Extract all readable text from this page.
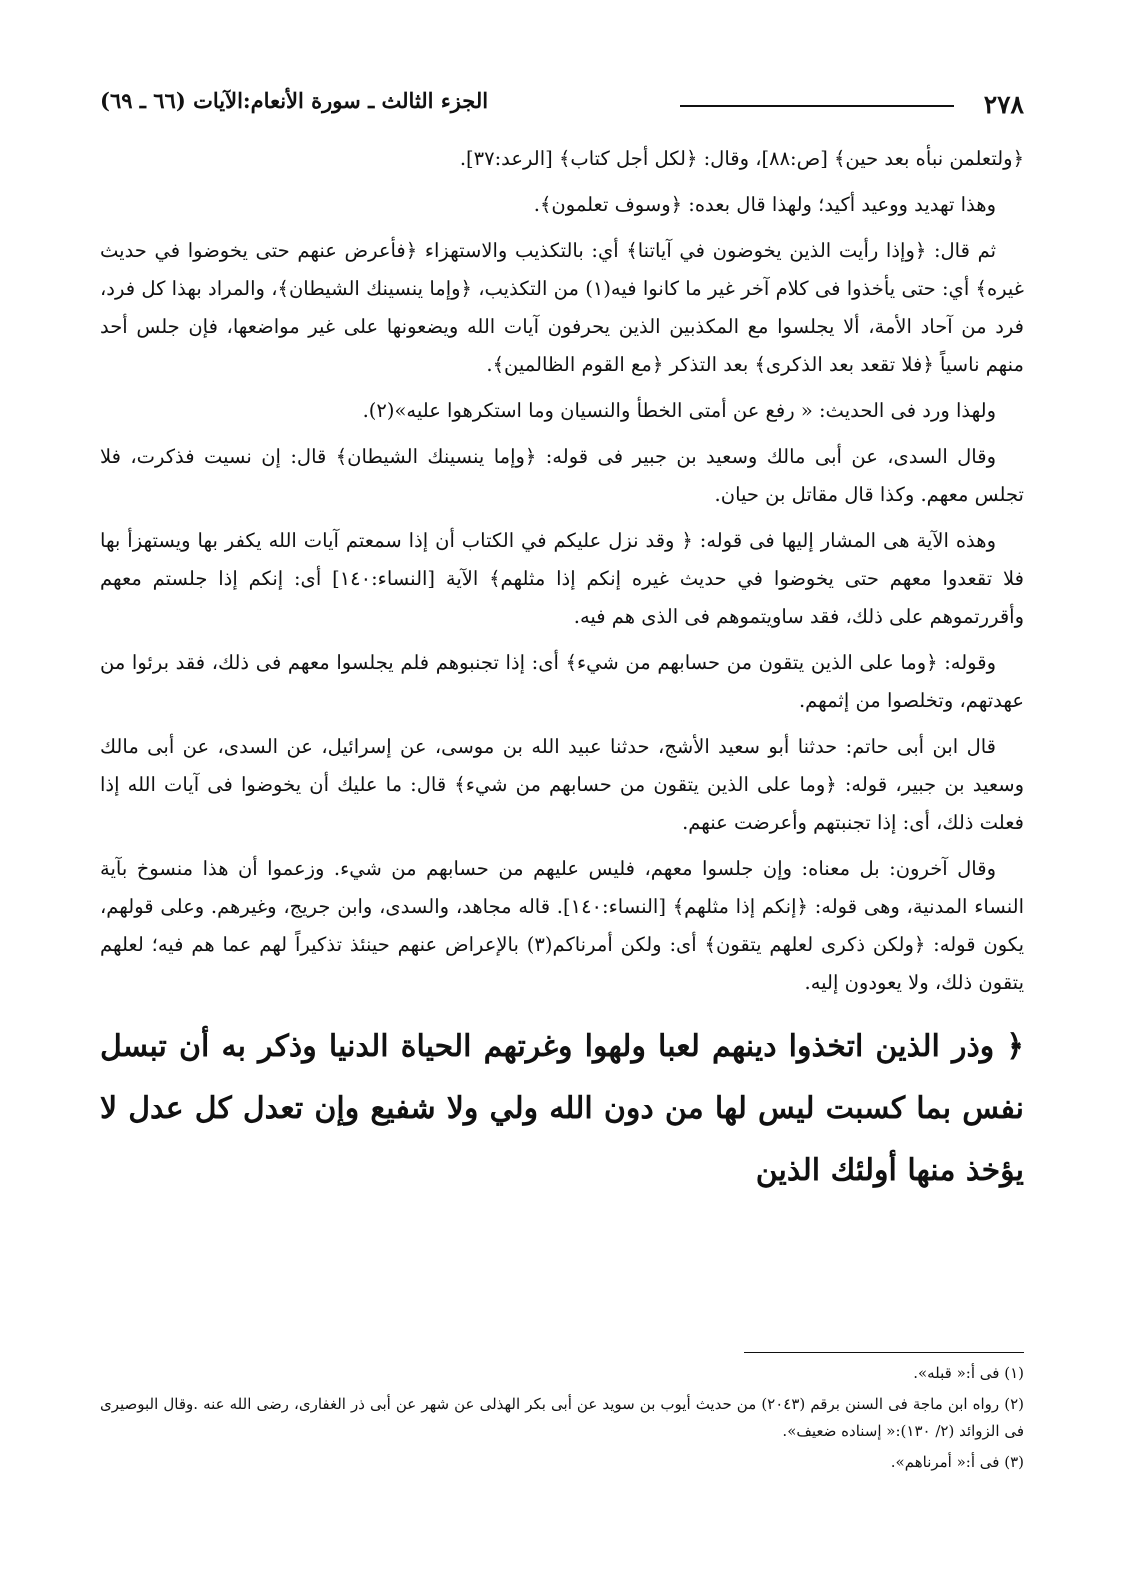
٢٧٨
الجزء الثالث ـ سورة الأنعام:الآيات (٦٦ ـ ٦٩)

﴿ولتعلمن نبأه بعد حين﴾ [ص:٨٨]، وقال: ﴿لكل أجل كتاب﴾ [الرعد:٣٧].

وهذا تهديد ووعيد أكيد؛ ولهذا قال بعده: ﴿وسوف تعلمون﴾.

ثم قال: ﴿وإذا رأيت الذين يخوضون في آياتنا﴾ أي: بالتكذيب والاستهزاء ﴿فأعرض عنهم حتى يخوضوا في حديث غيره﴾ أي: حتى يأخذوا فى كلام آخر غير ما كانوا فيه(١) من التكذيب، ﴿وإما ينسينك الشيطان﴾، والمراد بهذا كل فرد، فرد من آحاد الأمة، ألا يجلسوا مع المكذبين الذين يحرفون آيات الله ويضعونها على غير مواضعها، فإن جلس أحد منهم ناسياً ﴿فلا تقعد بعد الذكرى﴾ بعد التذكر ﴿مع القوم الظالمين﴾.

ولهذا ورد فى الحديث: « رفع عن أمتى الخطأ والنسيان وما استكرهوا عليه»(٢).

وقال السدى، عن أبى مالك وسعيد بن جبير فى قوله: ﴿وإما ينسينك الشيطان﴾ قال: إن نسيت فذكرت، فلا تجلس معهم. وكذا قال مقاتل بن حيان.

وهذه الآية هى المشار إليها فى قوله: ﴿ وقد نزل عليكم في الكتاب أن إذا سمعتم آيات الله يكفر بها ويستهزأ بها فلا تقعدوا معهم حتى يخوضوا في حديث غيره إنكم إذا مثلهم﴾ الآية [النساء:١٤٠] أى: إنكم إذا جلستم معهم وأقررتموهم على ذلك، فقد ساويتموهم فى الذى هم فيه.

وقوله: ﴿وما على الذين يتقون من حسابهم من شيء﴾ أى: إذا تجنبوهم فلم يجلسوا معهم فى ذلك، فقد برئوا من عهدتهم، وتخلصوا من إثمهم.

قال ابن أبى حاتم: حدثنا أبو سعيد الأشج، حدثنا عبيد الله بن موسى، عن إسرائيل، عن السدى، عن أبى مالك وسعيد بن جبير، قوله: ﴿وما على الذين يتقون من حسابهم من شيء﴾ قال: ما عليك أن يخوضوا فى آيات الله إذا فعلت ذلك، أى: إذا تجنبتهم وأعرضت عنهم.

وقال آخرون: بل معناه: وإن جلسوا معهم، فليس عليهم من حسابهم من شيء. وزعموا أن هذا منسوخ بآية النساء المدنية، وهى قوله: ﴿إنكم إذا مثلهم﴾ [النساء:١٤٠]. قاله مجاهد، والسدى، وابن جريج، وغيرهم. وعلى قولهم، يكون قوله: ﴿ولكن ذكرى لعلهم يتقون﴾ أى: ولكن أمرناكم(٣) بالإعراض عنهم حينئذ تذكيراً لهم عما هم فيه؛ لعلهم يتقون ذلك، ولا يعودون إليه.

﴿ وذر الذين اتخذوا دينهم لعبا ولهوا وغرتهم الحياة الدنيا وذكر به أن تبسل نفس بما كسبت ليس لها من دون الله ولي ولا شفيع وإن تعدل كل عدل لا يؤخذ منها أولئك الذين

(١) فى أ:« قبله».

(٢) رواه ابن ماجة فى السنن برقم (٢٠٤٣) من حديث أيوب بن سويد عن أبى بكر الهذلى عن شهر عن أبى ذر الغفارى، رضى الله عنه .وقال البوصيرى فى الزوائد (٢/ ١٣٠):« إسناده ضعيف».

(٣) فى أ:« أمرناهم».
